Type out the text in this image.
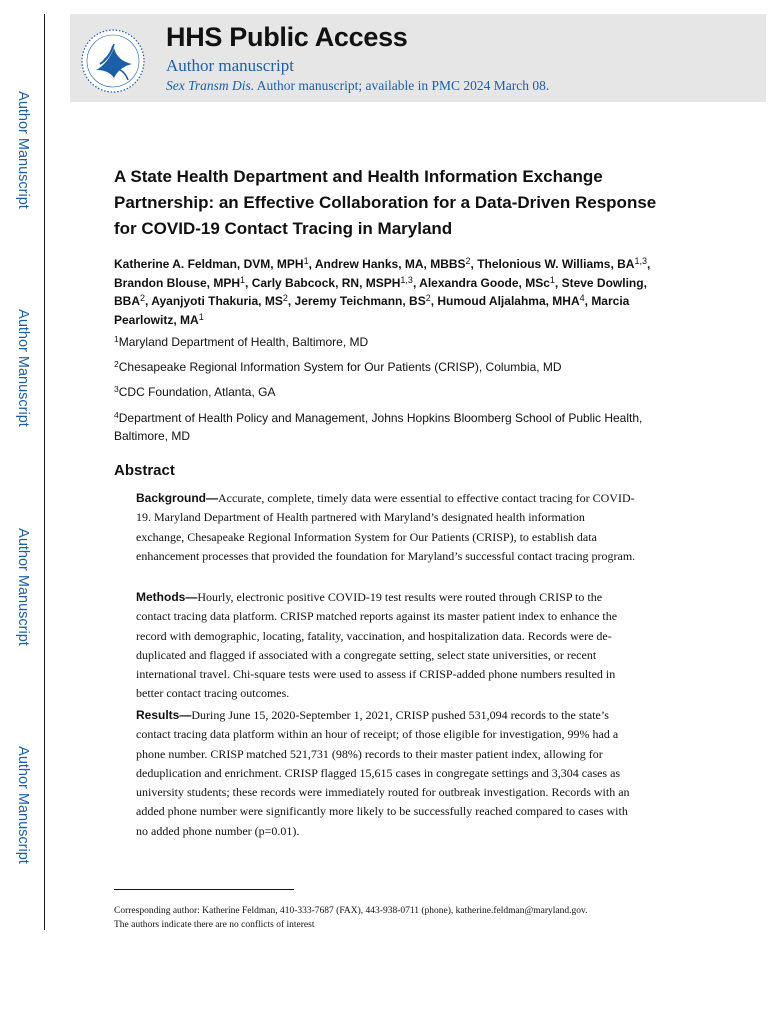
Author Manuscript
Author Manuscript
Author Manuscript
Author Manuscript
HHS Public Access
Author manuscript
Sex Transm Dis. Author manuscript; available in PMC 2024 March 08.
A State Health Department and Health Information Exchange Partnership: an Effective Collaboration for a Data-Driven Response for COVID-19 Contact Tracing in Maryland
Katherine A. Feldman, DVM, MPH$^1$, Andrew Hanks, MA, MBBS$^2$, Thelonious W. Williams, BA$^{1,3}$, Brandon Blouse, MPH$^1$, Carly Babcock, RN, MSPH$^{1,3}$, Alexandra Goode, MSc$^1$, Steve Dowling, BBA$^2$, Ayanjyoti Thakuria, $MS^2$, Jeremy Teichmann, $BS^2$, Humoud Aljalahma, MHA$^4$, Marcia Pearlowitz, $MA^1$
$^1$Maryland Department of Health, Baltimore, MD
$^2$Chesapeake Regional Information System for Our Patients (CRISP), Columbia, MD
$^3$CDC Foundation, Atlanta, GA
$^4$Department of Health Policy and Management, Johns Hopkins Bloomberg School of Public Health, Baltimore, MD
Abstract
Background—Accurate, complete, timely data were essential to effective contact tracing for COVID-19. Maryland Department of Health partnered with Maryland’s designated health information exchange, Chesapeake Regional Information System for Our Patients (CRISP), to establish data enhancement processes that provided the foundation for Maryland’s successful contact tracing program.
Methods—Hourly, electronic positive COVID-19 test results were routed through CRISP to the contact tracing data platform. CRISP matched reports against its master patient index to enhance the record with demographic, locating, fatality, vaccination, and hospitalization data. Records were de-duplicated and flagged if associated with a congregate setting, select state universities, or recent international travel. Chi-square tests were used to assess if CRISP-added phone numbers resulted in better contact tracing outcomes.
Results—During June 15, 2020-September 1, 2021, CRISP pushed 531,094 records to the state’s contact tracing data platform within an hour of receipt; of those eligible for investigation, 99% had a phone number. CRISP matched 521,731 (98%) records to their master patient index, allowing for deduplication and enrichment. CRISP flagged 15,615 cases in congregate settings and 3,304 cases as university students; these records were immediately routed for outbreak investigation. Records with an added phone number were significantly more likely to be successfully reached compared to cases with no added phone number (p=0.01).
Corresponding author: Katherine Feldman, 410-333-7687 (FAX), 443-938-0711 (phone), katherine.feldman@maryland.gov.
The authors indicate there are no conflicts of interest
